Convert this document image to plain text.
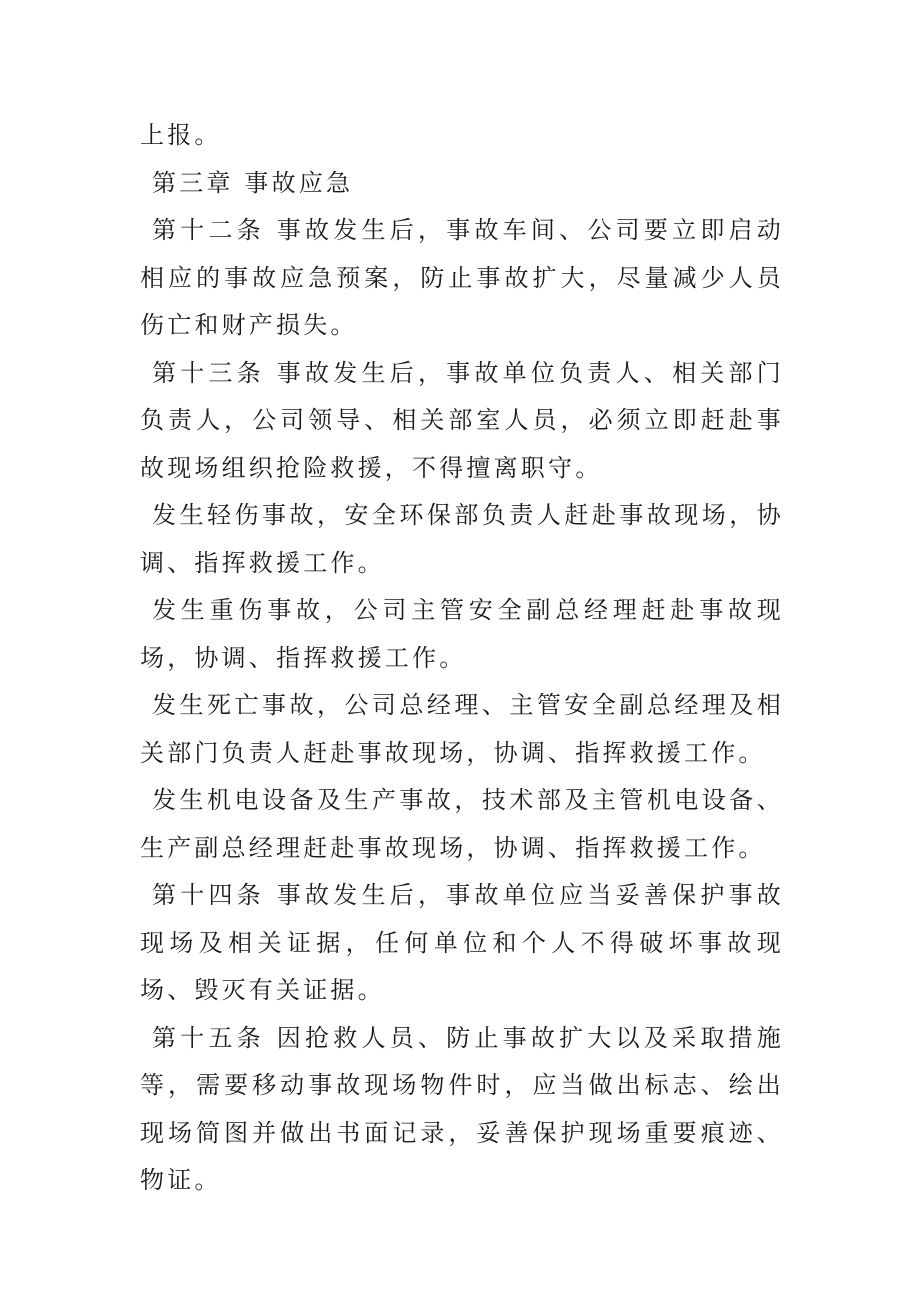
上报。

第三章 事故应急

第十二条 事故发生后，事故车间、公司要立即启动相应的事故应急预案，防止事故扩大，尽量减少人员伤亡和财产损失。

第十三条 事故发生后，事故单位负责人、相关部门负责人，公司领导、相关部室人员，必须立即赶赴事故现场组织抢险救援，不得擅离职守。

发生轻伤事故，安全环保部负责人赶赴事故现场，协调、指挥救援工作。

发生重伤事故，公司主管安全副总经理赶赴事故现场，协调、指挥救援工作。

发生死亡事故，公司总经理、主管安全副总经理及相关部门负责人赶赴事故现场，协调、指挥救援工作。

发生机电设备及生产事故，技术部及主管机电设备、生产副总经理赶赴事故现场，协调、指挥救援工作。

第十四条 事故发生后，事故单位应当妥善保护事故现场及相关证据，任何单位和个人不得破坏事故现场、毁灭有关证据。

第十五条 因抢救人员、防止事故扩大以及采取措施等，需要移动事故现场物件时，应当做出标志、绘出现场简图并做出书面记录，妥善保护现场重要痕迹、物证。
